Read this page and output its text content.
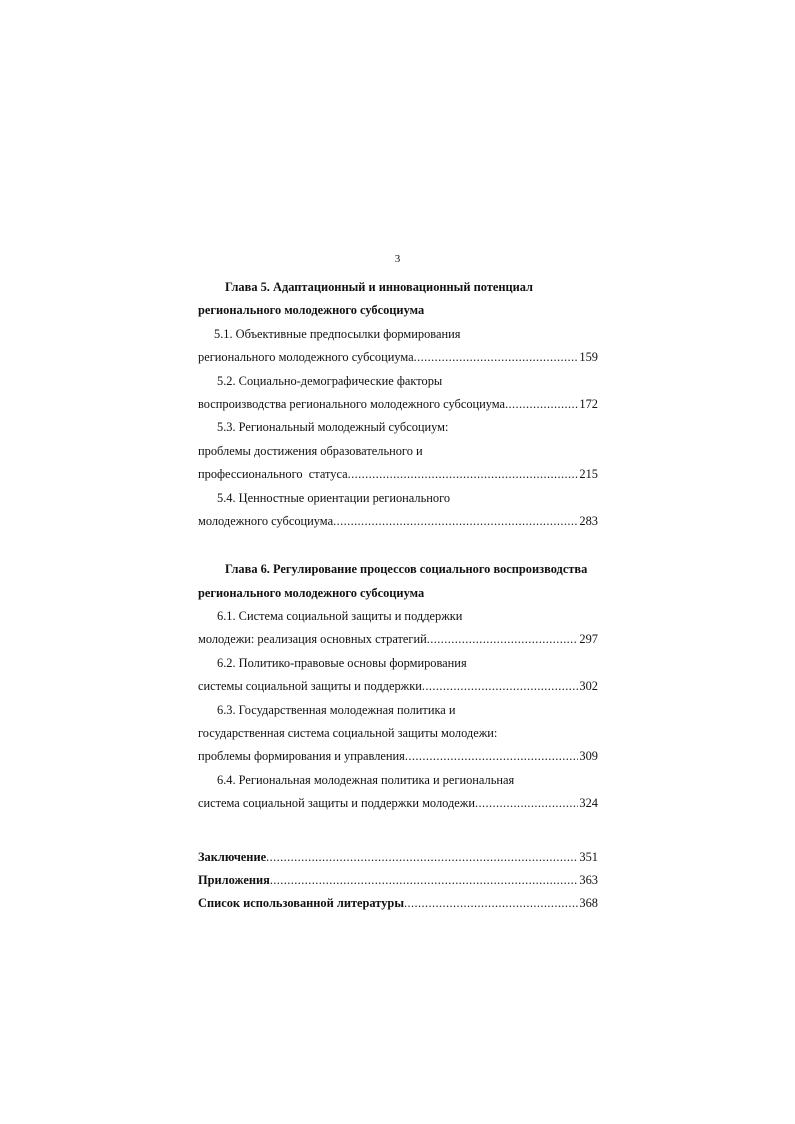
3
Глава 5. Адаптационный и инновационный потенциал
регионального молодежного субсоциума
5.1. Объективные предпосылки формирования
регионального молодежного субсоциума .....	159
5.2. Социально-демографические факторы
воспроизводства регионального молодежного субсоциума .....	172
5.3. Региональный молодежный субсоциум:
проблемы достижения образовательного и
профессионального  статуса .....	215
5.4. Ценностные ориентации регионального
молодежного субсоциума .....	283
Глава 6. Регулирование процессов социального воспроизводства
регионального молодежного субсоциума
6.1. Система социальной защиты и поддержки
молодежи: реализация основных стратегий .....	297
6.2. Политико-правовые основы формирования
системы социальной защиты и поддержки .....	302
6.3. Государственная молодежная политика и
государственная система социальной защиты молодежи:
проблемы формирования и управления .....	309
6.4. Региональная молодежная политика и региональная
система социальной защиты и поддержки молодежи .....	324
Заключение .....	351
Приложения .....	363
Список использованной литературы .....	368
